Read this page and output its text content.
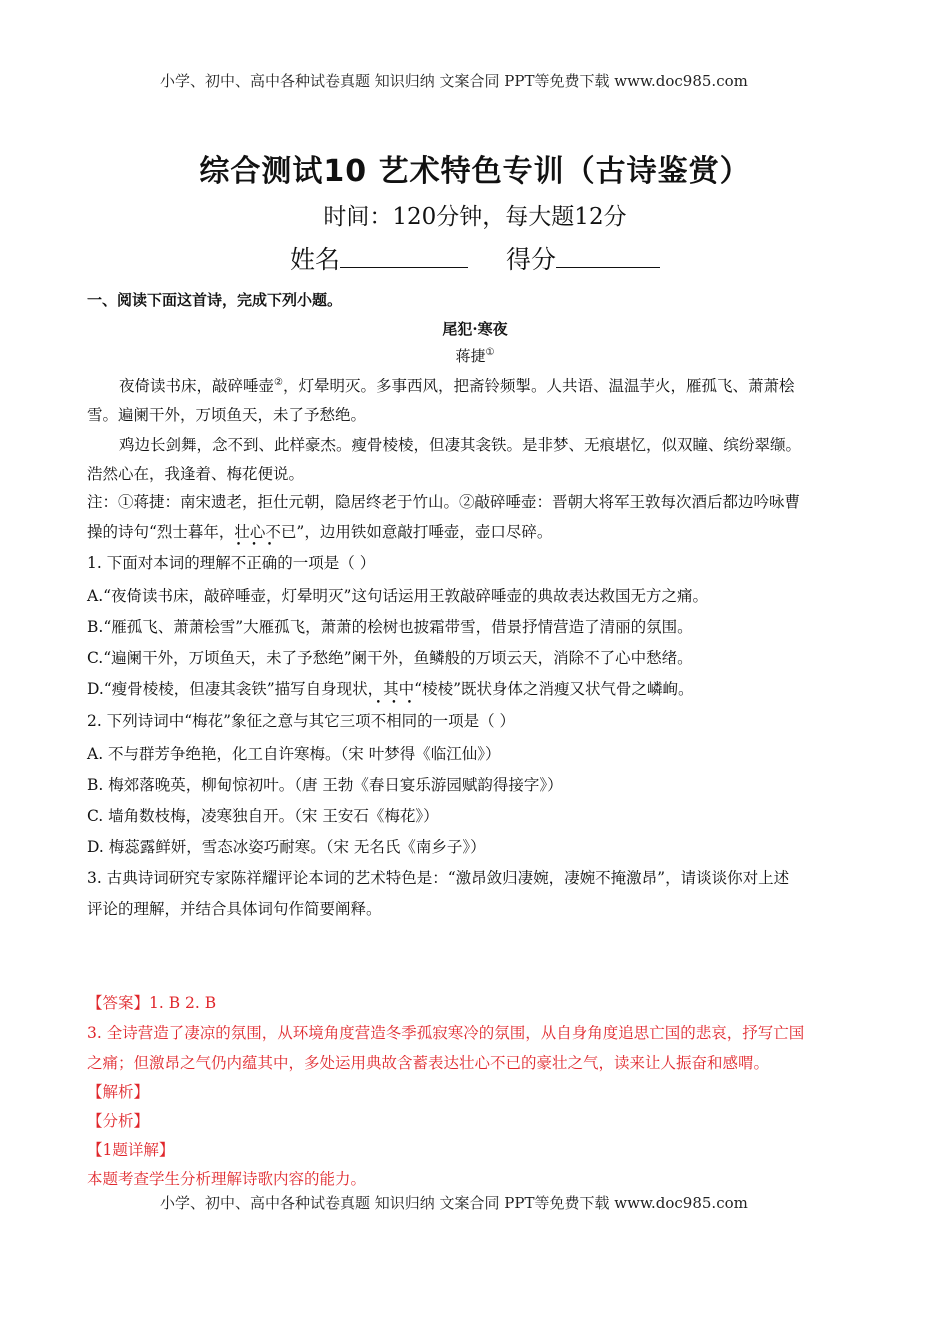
小学、初中、高中各种试卷真题 知识归纳 文案合同 PPT等免费下载 www.doc985.com
综合测试10 艺术特色专训（古诗鉴赏）
时间：120分钟，每大题12分
姓名	得分
一、阅读下面这首诗，完成下列小题。
尾犯·寒夜
蒋捷①
夜倚读书床，敲碎唾壶②，灯晕明灭。多事西风，把斋铃频掣。人共语、温温芋火，雁孤飞、萧萧桧
雪。遍阑干外，万顷鱼天，未了予愁绝。
鸡边长剑舞，念不到、此样豪杰。瘦骨棱棱，但凄其衾铁。是非梦、无痕堪忆，似双瞳、缤纷翠缬。
浩然心在，我逢着、梅花便说。
注：①蒋捷：南宋遗老，拒仕元朝，隐居终老于竹山。②敲碎唾壶：晋朝大将军王敦每次酒后都边吟咏曹
操的诗句“烈士暮年，壮心不已”，边用铁如意敲打唾壶，壶口尽碎。
1. 下面对本词的理解不正确的一项是（ ）
A.“夜倚读书床，敲碎唾壶，灯晕明灭”这句话运用王敦敲碎唾壶的典故表达救国无方之痛。
B.“雁孤飞、萧萧桧雪”大雁孤飞，萧萧的桧树也披霜带雪，借景抒情营造了清丽的氛围。
C.“遍阑干外，万顷鱼天，未了予愁绝”阑干外，鱼鳞般的万顷云天，消除不了心中愁绪。
D.“瘦骨棱棱，但凄其衾铁”描写自身现状，其中“棱棱”既状身体之消瘦又状气骨之嶙峋。
2. 下列诗词中“梅花”象征之意与其它三项不相同的一项是（ ）
A. 不与群芳争绝艳，化工自许寒梅。（宋 叶梦得《临江仙》）
B. 梅郊落晚英，柳甸惊初叶。（唐 王勃《春日宴乐游园赋韵得接字》）
C. 墙角数枝梅，凌寒独自开。（宋 王安石《梅花》）
D. 梅蕊露鲜妍，雪态冰姿巧耐寒。（宋 无名氏《南乡子》）
3. 古典诗词研究专家陈祥耀评论本词的艺术特色是：“激昂敛归凄婉，凄婉不掩激昂”，请谈谈你对上述
评论的理解，并结合具体词句作简要阐释。
【答案】1. B 2. B
3. 全诗营造了凄凉的氛围，从环境角度营造冬季孤寂寒冷的氛围，从自身角度追思亡国的悲哀，抒写亡国
之痛；但激昂之气仍内蕴其中，多处运用典故含蓄表达壮心不已的豪壮之气，读来让人振奋和感喟。
【解析】
【分析】
【1题详解】
本题考查学生分析理解诗歌内容的能力。
小学、初中、高中各种试卷真题 知识归纳 文案合同 PPT等免费下载 www.doc985.com
